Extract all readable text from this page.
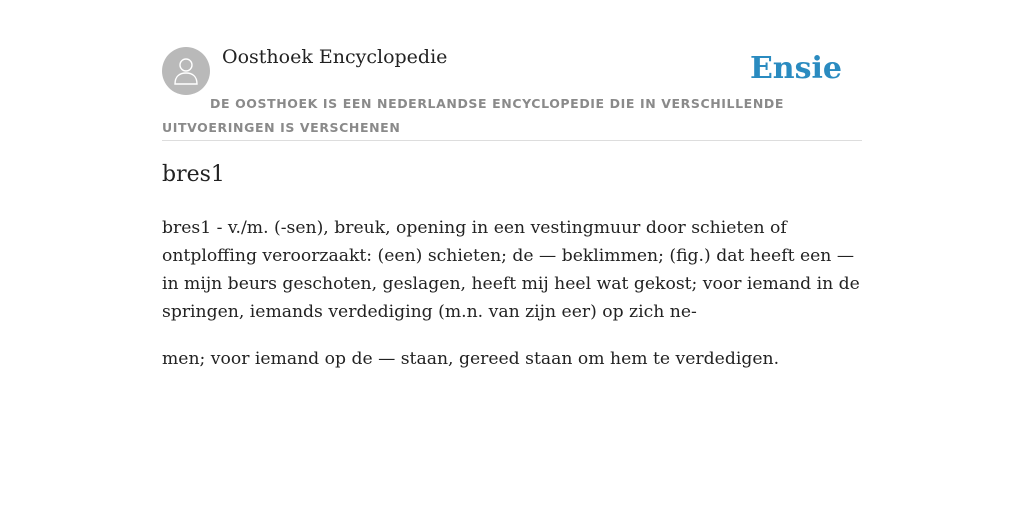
Oosthoek Encyclopedie	Ensie
DE OOSTHOEK IS EEN NEDERLANDSE ENCYCLOPEDIE DIE IN VERSCHILLENDE UITVOERINGEN IS VERSCHENEN
bres1

bres1 - v./m. (-sen), breuk, opening in een vestingmuur door schieten of ontploffing veroorzaakt: (een) schieten; de — beklimmen; (fig.) dat heeft een — in mijn beurs geschoten, geslagen, heeft mij heel wat gekost; voor iemand in de springen, iemands verdediging (m.n. van zijn eer) op zich ne-

men; voor iemand op de — staan, gereed staan om hem te verdedigen.
